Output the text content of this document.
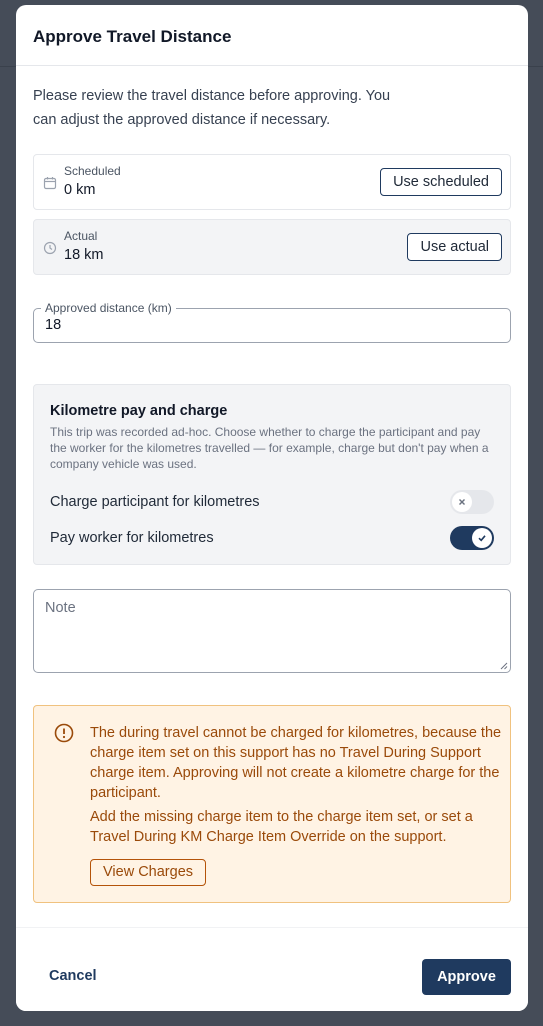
Approve Travel Distance

Please review the travel distance before approving. You can adjust the approved distance if necessary.

Scheduled
0 km	Use scheduled
Actual
18 km	Use actual
Approved distance (km)
18
Kilometre pay and charge

This trip was recorded ad-hoc. Choose whether to charge the participant and pay the worker for the kilometres travelled — for example, charge but don't pay when a company vehicle was used.

Charge participant for kilometres
Pay worker for kilometres
Note

The during travel cannot be charged for kilometres, because the charge item set on this support has no Travel During Support charge item. Approving will not create a kilometre charge for the participant.

Add the missing charge item to the charge item set, or set a Travel During KM Charge Item Override on the support.

View Charges
Cancel	Approve
